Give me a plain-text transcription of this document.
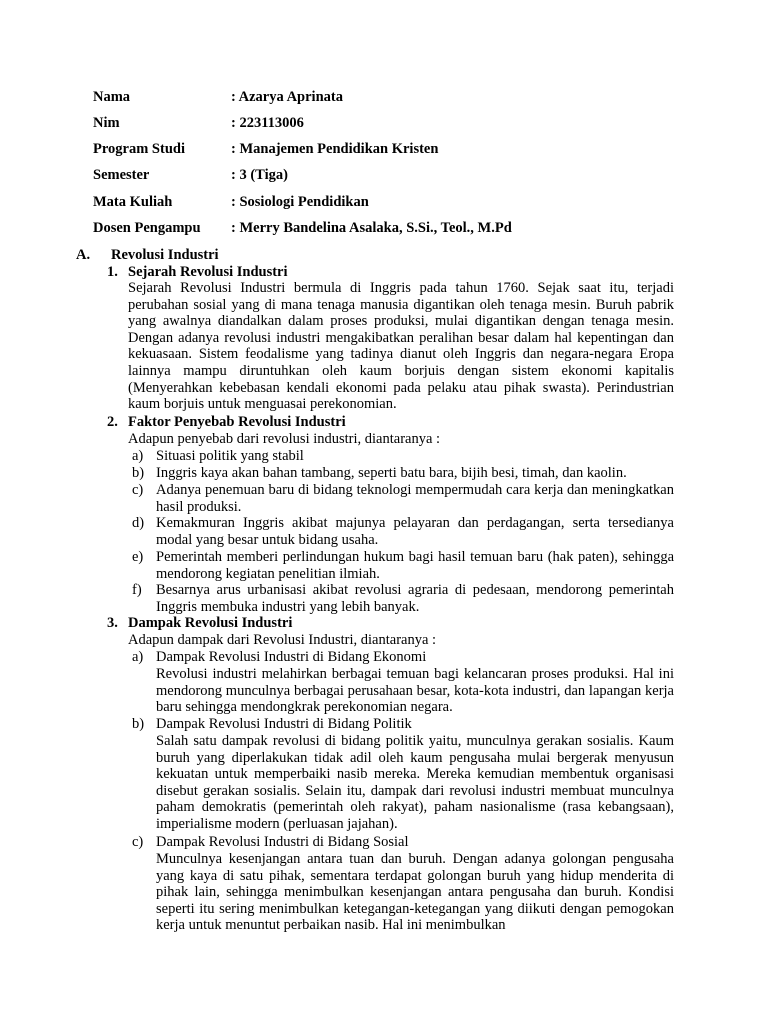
Nama	: Azarya Aprinata
Nim	: 223113006
Program Studi	: Manajemen Pendidikan Kristen
Semester	: 3 (Tiga)
Mata Kuliah	: Sosiologi Pendidikan
Dosen Pengampu : Merry Bandelina Asalaka, S.Si., Teol., M.Pd
A. Revolusi Industri
1. Sejarah Revolusi Industri
Sejarah Revolusi Industri bermula di Inggris pada tahun 1760. Sejak saat itu, terjadi perubahan sosial yang di mana tenaga manusia digantikan oleh tenaga mesin. Buruh pabrik yang awalnya diandalkan dalam proses produksi, mulai digantikan dengan tenaga mesin. Dengan adanya revolusi industri mengakibatkan peralihan besar dalam hal kepentingan dan kekuasaan. Sistem feodalisme yang tadinya dianut oleh Inggris dan negara-negara Eropa lainnya mampu diruntuhkan oleh kaum borjuis dengan sistem ekonomi kapitalis (Menyerahkan kebebasan kendali ekonomi pada pelaku atau pihak swasta). Perindustrian kaum borjuis untuk menguasai perekonomian.
2. Faktor Penyebab Revolusi Industri
Adapun penyebab dari revolusi industri, diantaranya :
a) Situasi politik yang stabil
b) Inggris kaya akan bahan tambang, seperti batu bara, bijih besi, timah, dan kaolin.
c) Adanya penemuan baru di bidang teknologi mempermudah cara kerja dan meningkatkan hasil produksi.
d) Kemakmuran Inggris akibat majunya pelayaran dan perdagangan, serta tersedianya modal yang besar untuk bidang usaha.
e) Pemerintah memberi perlindungan hukum bagi hasil temuan baru (hak paten), sehingga mendorong kegiatan penelitian ilmiah.
f) Besarnya arus urbanisasi akibat revolusi agraria di pedesaan, mendorong pemerintah Inggris membuka industri yang lebih banyak.
3. Dampak Revolusi Industri
Adapun dampak dari Revolusi Industri, diantaranya :
a) Dampak Revolusi Industri di Bidang Ekonomi
Revolusi industri melahirkan berbagai temuan bagi kelancaran proses produksi. Hal ini mendorong munculnya berbagai perusahaan besar, kota-kota industri, dan lapangan kerja baru sehingga mendongkrak perekonomian negara.
b) Dampak Revolusi Industri di Bidang Politik
Salah satu dampak revolusi di bidang politik yaitu, munculnya gerakan sosialis. Kaum buruh yang diperlakukan tidak adil oleh kaum pengusaha mulai bergerak menyusun kekuatan untuk memperbaiki nasib mereka. Mereka kemudian membentuk organisasi disebut gerakan sosialis. Selain itu, dampak dari revolusi industri membuat munculnya paham demokratis (pemerintah oleh rakyat), paham nasionalisme (rasa kebangsaan), imperialisme modern (perluasan jajahan).
c) Dampak Revolusi Industri di Bidang Sosial
Munculnya kesenjangan antara tuan dan buruh. Dengan adanya golongan pengusaha yang kaya di satu pihak, sementara terdapat golongan buruh yang hidup menderita di pihak lain, sehingga menimbulkan kesenjangan antara pengusaha dan buruh. Kondisi seperti itu sering menimbulkan ketegangan-ketegangan yang diikuti dengan pemogokan kerja untuk menuntut perbaikan nasib. Hal ini menimbulkan
